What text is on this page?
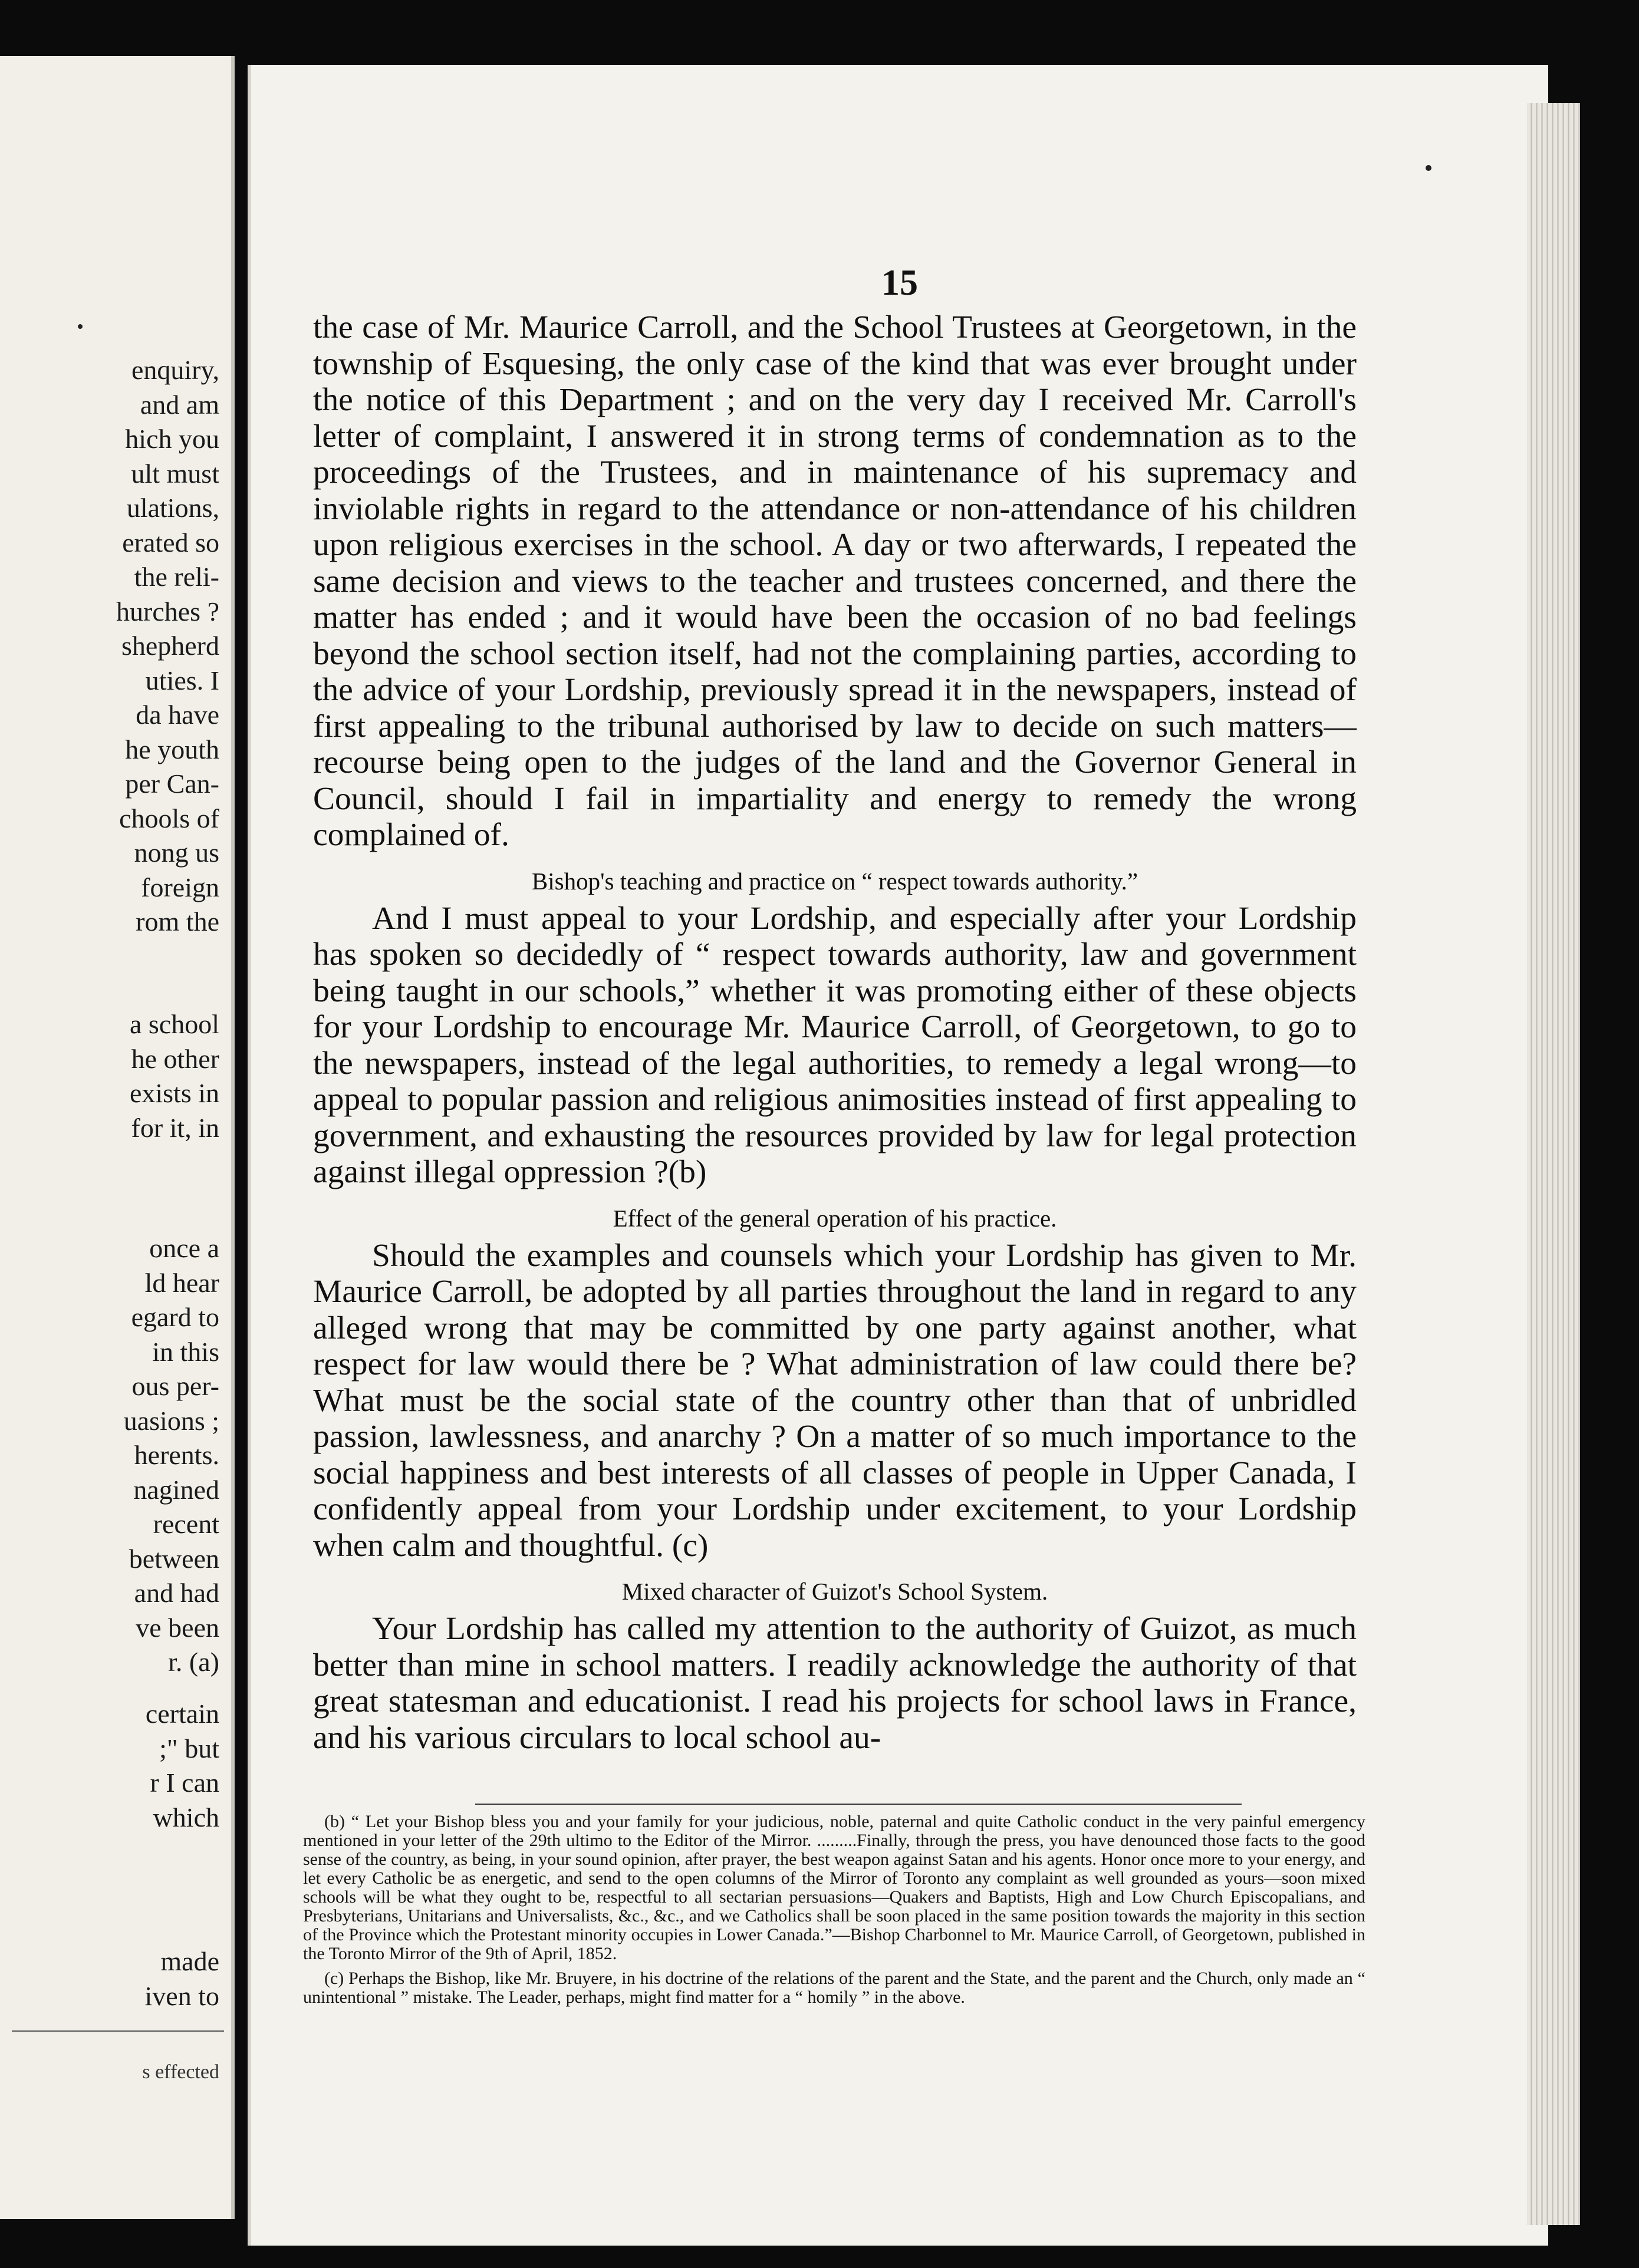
enquiry,
and am
hich you
ult must
ulations,
erated so
the reli-
hurches ?
shepherd
uties. I
da have
he youth
per Can-
chools of
nong us
foreign
rom the
a school
he other
exists in
for it, in
once a
ld hear
egard to
in this
ous per-
uasions ;
herents.
nagined
recent
between
and had
ve been
r. (a)
certain
;" but
r I can
which
made
iven to
s effected
15

the case of Mr. Maurice Carroll, and the School Trustees at Georgetown, in the township of Esquesing, the only case of the kind that was ever brought under the notice of this Department ; and on the very day I received Mr. Carroll's letter of complaint, I answered it in strong terms of condemnation as to the proceedings of the Trustees, and in maintenance of his supremacy and inviolable rights in regard to the attendance or non-attendance of his children upon religious exercises in the school. A day or two afterwards, I repeated the same decision and views to the teacher and trustees concerned, and there the matter has ended ; and it would have been the occasion of no bad feelings beyond the school section itself, had not the complaining parties, according to the advice of your Lordship, previously spread it in the newspapers, instead of first appealing to the tribunal authorised by law to decide on such matters—recourse being open to the judges of the land and the Governor General in Council, should I fail in impartiality and energy to remedy the wrong complained of.

Bishop's teaching and practice on “ respect towards authority.”

And I must appeal to your Lordship, and especially after your Lordship has spoken so decidedly of “ respect towards authority, law and government being taught in our schools,” whether it was promoting either of these objects for your Lordship to encourage Mr. Maurice Carroll, of Georgetown, to go to the newspapers, instead of the legal authorities, to remedy a legal wrong—to appeal to popular passion and religious animosities instead of first appealing to government, and exhausting the resources provided by law for legal protection against illegal oppression ?(b)

Effect of the general operation of his practice.

Should the examples and counsels which your Lordship has given to Mr. Maurice Carroll, be adopted by all parties throughout the land in regard to any alleged wrong that may be committed by one party against another, what respect for law would there be ? What administration of law could there be? What must be the social state of the country other than that of unbridled passion, lawlessness, and anarchy ? On a matter of so much importance to the social happiness and best interests of all classes of people in Upper Canada, I confidently appeal from your Lordship under excitement, to your Lordship when calm and thoughtful. (c)

Mixed character of Guizot's School System.

Your Lordship has called my attention to the authority of Guizot, as much better than mine in school matters. I readily acknowledge the authority of that great statesman and educationist. I read his projects for school laws in France, and his various circulars to local school au-

(b) “ Let your Bishop bless you and your family for your judicious, noble, paternal and quite Catholic conduct in the very painful emergency mentioned in your letter of the 29th ultimo to the Editor of the Mirror. .........Finally, through the press, you have denounced those facts to the good sense of the country, as being, in your sound opinion, after prayer, the best weapon against Satan and his agents. Honor once more to your energy, and let every Catholic be as energetic, and send to the open columns of the Mirror of Toronto any complaint as well grounded as yours—soon mixed schools will be what they ought to be, respectful to all sectarian persuasions—Quakers and Baptists, High and Low Church Episcopalians, and Presbyterians, Unitarians and Universalists, &c., &c., and we Catholics shall be soon placed in the same position towards the majority in this section of the Province which the Protestant minority occupies in Lower Canada.”—Bishop Charbonnel to Mr. Maurice Carroll, of Georgetown, published in the Toronto Mirror of the 9th of April, 1852.

(c) Perhaps the Bishop, like Mr. Bruyere, in his doctrine of the relations of the parent and the State, and the parent and the Church, only made an “ unintentional ” mistake. The Leader, perhaps, might find matter for a “ homily ” in the above.
